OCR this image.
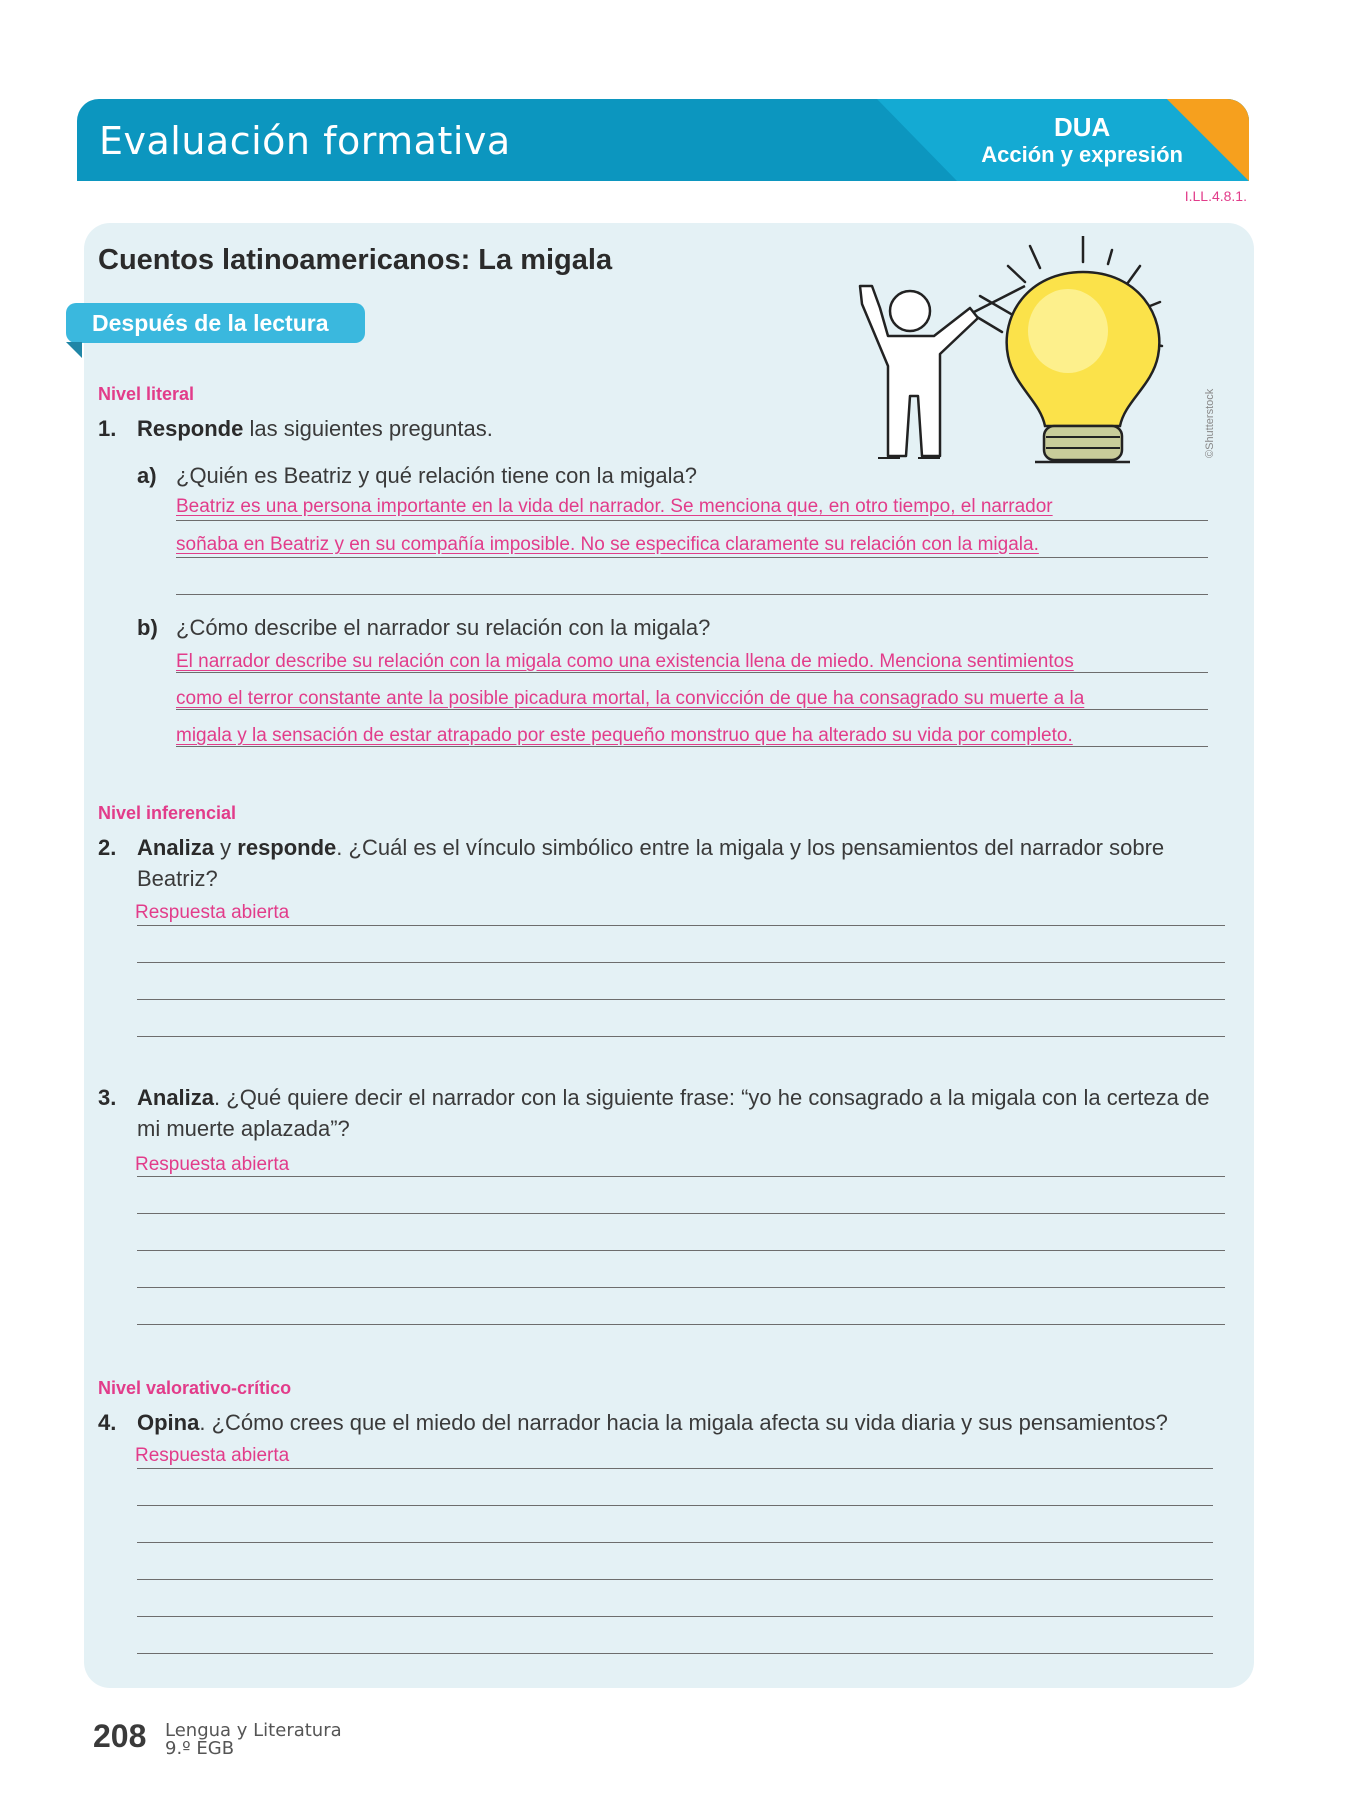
Evaluación formativa	DUA
Acción y expresión
I.LL.4.8.1.
Cuentos latinoamericanos: La migala
Después de la lectura
©Shutterstock
Nivel literal
1. Responde las siguientes preguntas.
a) ¿Quién es Beatriz y qué relación tiene con la migala?
Beatriz es una persona importante en la vida del narrador. Se menciona que, en otro tiempo, el narrador
soñaba en Beatriz y en su compañía imposible. No se especifica claramente su relación con la migala.
b) ¿Cómo describe el narrador su relación con la migala?
El narrador describe su relación con la migala como una existencia llena de miedo. Menciona sentimientos
como el terror constante ante la posible picadura mortal, la convicción de que ha consagrado su muerte a la
migala y la sensación de estar atrapado por este pequeño monstruo que ha alterado su vida por completo.
Nivel inferencial
2. Analiza y responde. ¿Cuál es el vínculo simbólico entre la migala y los pensamientos del narrador sobre
Beatriz?
Respuesta abierta
3. Analiza. ¿Qué quiere decir el narrador con la siguiente frase: “yo he consagrado a la migala con la certeza de
mi muerte aplazada”?
Respuesta abierta
Nivel valorativo-crítico
4. Opina. ¿Cómo crees que el miedo del narrador hacia la migala afecta su vida diaria y sus pensamientos?
Respuesta abierta
208 Lengua y Literatura
9.º EGB
